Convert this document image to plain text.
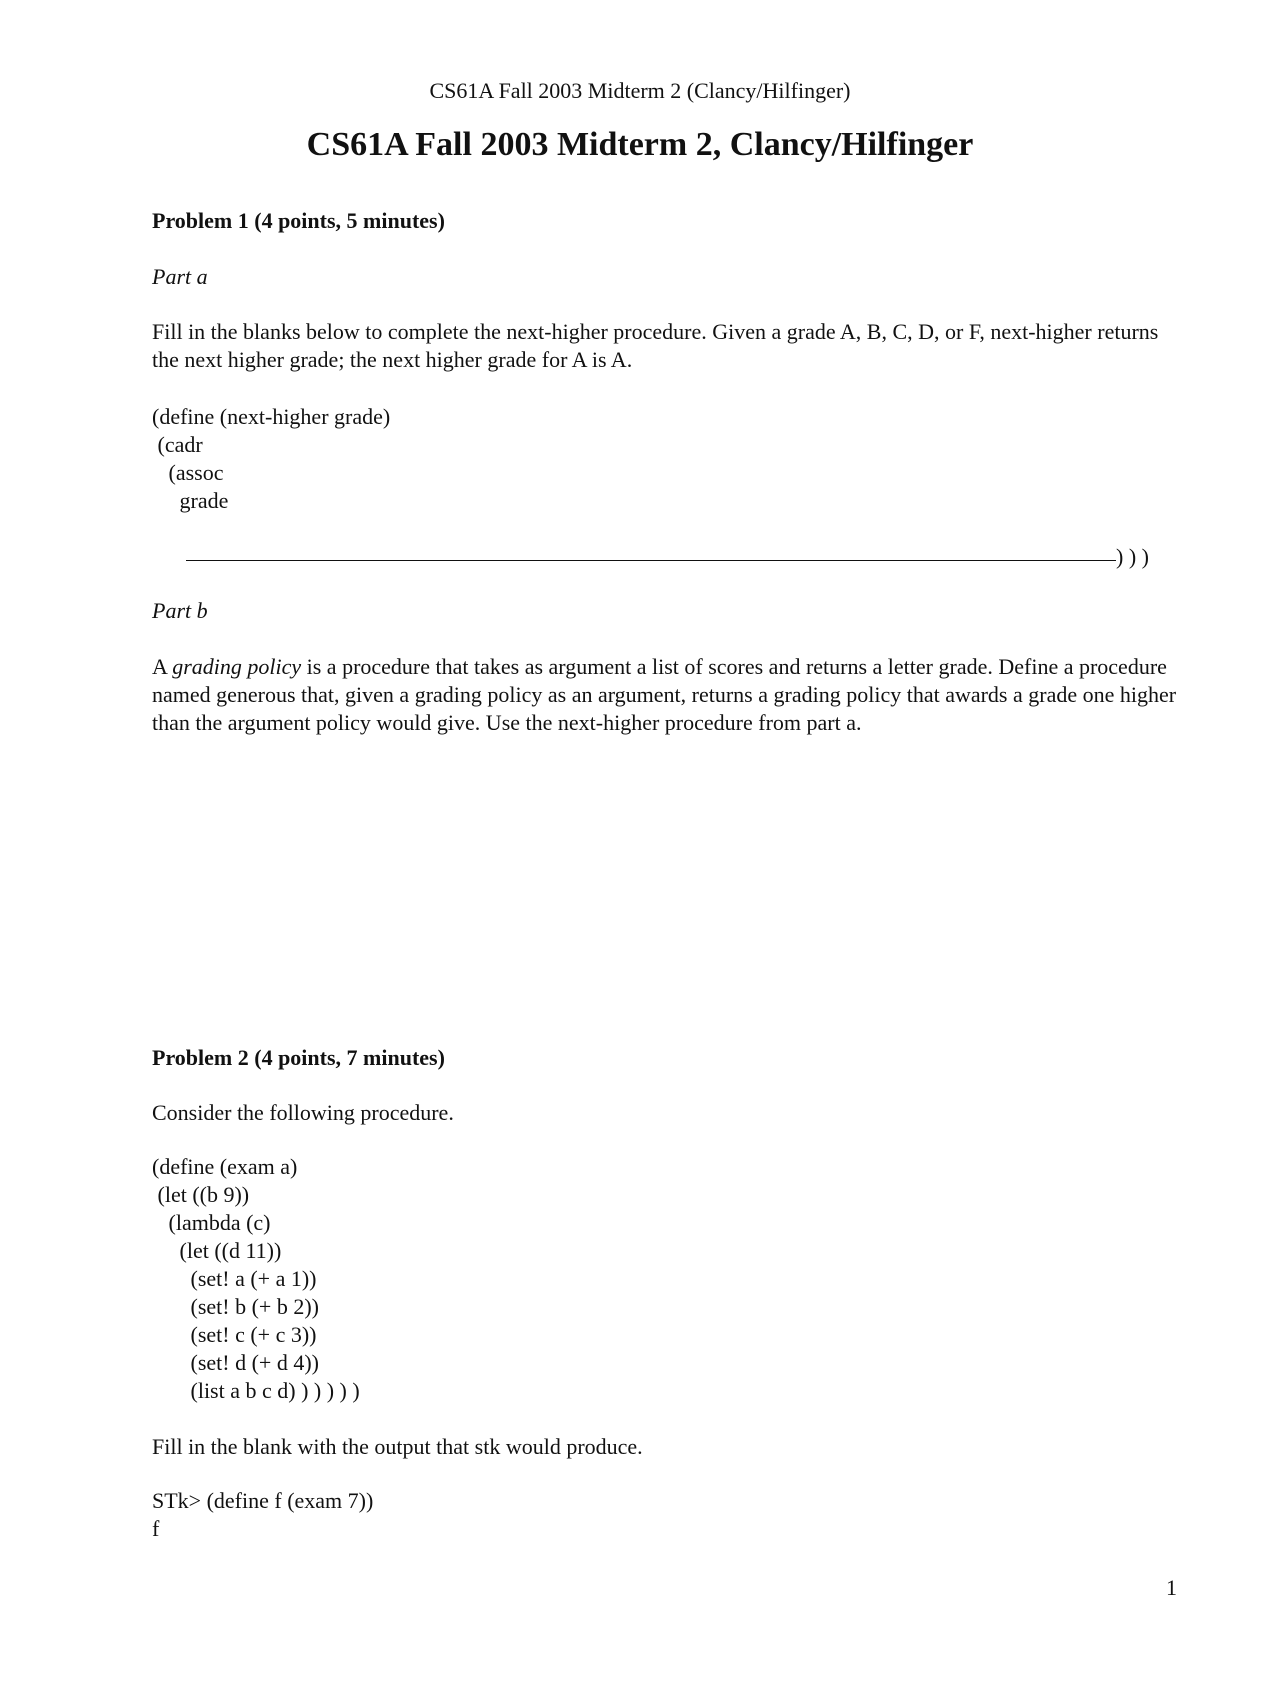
CS61A Fall 2003 Midterm 2 (Clancy/Hilfinger)
CS61A Fall 2003 Midterm 2, Clancy/Hilfinger
Problem 1 (4 points, 5 minutes)
Part a
Fill in the blanks below to complete the next-higher procedure. Given a grade A, B, C, D, or F, next-higher returns the next higher grade; the next higher grade for A is A.
(define (next-higher grade)
(cadr
(assoc
grade
) ) )
Part b
A grading policy is a procedure that takes as argument a list of scores and returns a letter grade. Define a procedure named generous that, given a grading policy as an argument, returns a grading policy that awards a grade one higher than the argument policy would give. Use the next-higher procedure from part a.
Problem 2 (4 points, 7 minutes)
Consider the following procedure.
(define (exam a)
(let ((b 9))
(lambda (c)
(let ((d 11))
(set! a (+ a 1))
(set! b (+ b 2))
(set! c (+ c 3))
(set! d (+ d 4))
(list a b c d) ) ) ) ) )
Fill in the blank with the output that stk would produce.
STk> (define f (exam 7))
f
1
